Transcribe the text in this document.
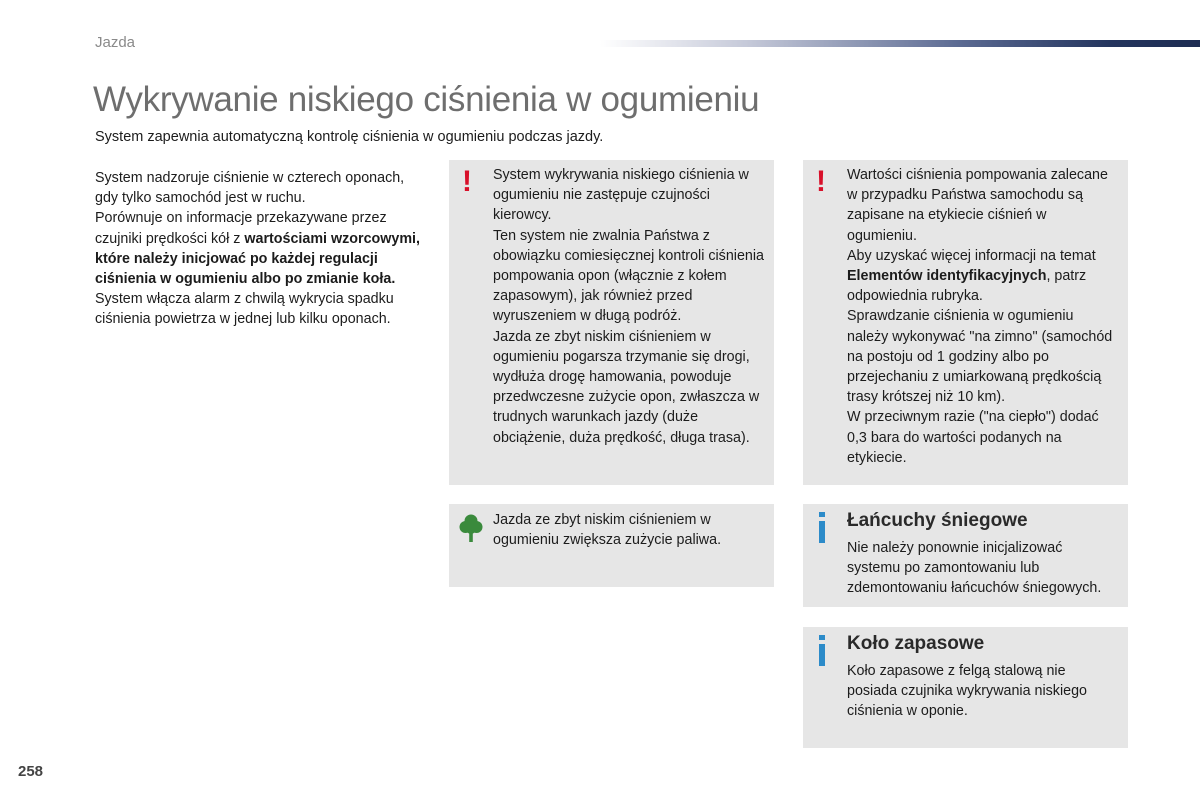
Jazda
Wykrywanie niskiego ciśnienia w ogumieniu

System zapewnia automatyczną kontrolę ciśnienia w ogumieniu podczas jazdy.

System nadzoruje ciśnienie w czterech oponach, gdy tylko samochód jest w ruchu.

Porównuje on informacje przekazywane przez czujniki prędkości kół z wartościami wzorcowymi, które należy inicjować po każdej regulacji ciśnienia w ogumieniu albo po zmianie koła.

System włącza alarm z chwilą wykrycia spadku ciśnienia powietrza w jednej lub kilku oponach.

! System wykrywania niskiego ciśnienia w ogumieniu nie zastępuje czujności kierowcy.

Ten system nie zwalnia Państwa z obowiązku comiesięcznej kontroli ciśnienia pompowania opon (włącznie z kołem zapasowym), jak również przed wyruszeniem w długą podróż.

Jazda ze zbyt niskim ciśnieniem w ogumieniu pogarsza trzymanie się drogi, wydłuża drogę hamowania, powoduje przedwczesne zużycie opon, zwłaszcza w trudnych warunkach jazdy (duże obciążenie, duża prędkość, długa trasa).

! Wartości ciśnienia pompowania zalecane w przypadku Państwa samochodu są zapisane na etykiecie ciśnień w ogumieniu.

Aby uzyskać więcej informacji na temat Elementów identyfikacyjnych, patrz odpowiednia rubryka.

Sprawdzanie ciśnienia w ogumieniu należy wykonywać "na zimno" (samochód na postoju od 1 godziny albo po przejechaniu z umiarkowaną prędkością trasy krótszej niż 10 km).

W przeciwnym razie ("na ciepło") dodać 0,3 bara do wartości podanych na etykiecie.

Jazda ze zbyt niskim ciśnieniem w ogumieniu zwiększa zużycie paliwa.
Łańcuchy śniegowe
Nie należy ponownie inicjalizować systemu po zamontowaniu lub zdemontowaniu łańcuchów śniegowych.
Koło zapasowe
Koło zapasowe z felgą stalową nie posiada czujnika wykrywania niskiego ciśnienia w oponie.
258
